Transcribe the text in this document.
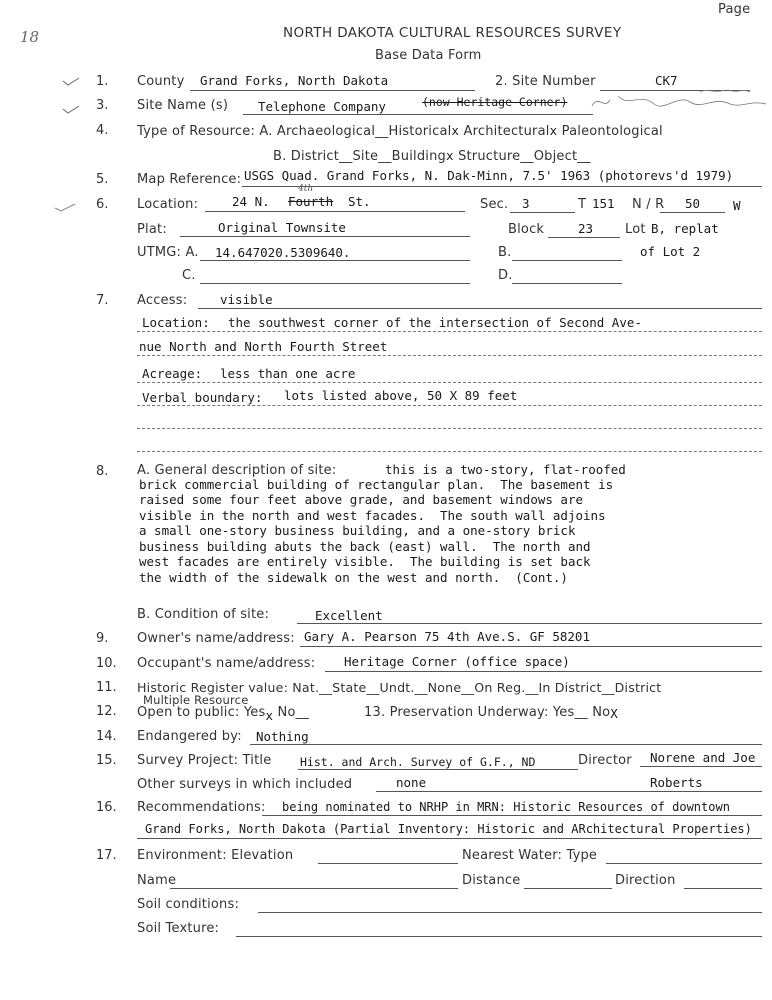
Page
18	NORTH DAKOTA CULTURAL RESOURCES SURVEY
Base Data Form
1. County Grand Forks, North Dakota	2. Site Number	CK7
3. Site Name (s) Telephone Company	(now Heritage Corner)
4. Type of Resource: A. Archaeological__Historicalx Architecturalx Paleontological
B. District__Site__Buildingx Structure__Object__
5. Map Reference: USGS Quad. Grand Forks, N. Dak-Minn, 7.5' 1963 (photorevs'd 1979)
6. Location:	24 N. Fourth
4th
St.	Sec. 3	T 151 N / R 50	W
Plat:	Original Townsite	Block	23 Lot B, replat
of Lot 2
UTMG: A. 14.647020.5309640.	B.
C.	D.
7. Access:	visible
Location: the southwest corner of the intersection of Second Ave-
nue North and North Fourth Street
Acreage: less than one acre
Verbal boundary: lots listed above, 50 X 89 feet
8. A. General description of site:	this is a two-story, flat-roofed
brick commercial building of rectangular plan.  The basement is
raised some four feet above grade, and basement windows are
visible in the north and west facades.  The south wall adjoins
a small one-story business building, and a one-story brick
business building abuts the back (east) wall.  The north and
west facades are entirely visible.  The building is set back
the width of the sidewalk on the west and north.  (Cont.)
B. Condition of site:	Excellent
9. Owner's name/address: Gary A. Pearson 75 4th Ave.S. GF 58201
10. Occupant's name/address: Heritage Corner (office space)
11. Historic Register value: Nat.__State__Undt.__None__On Reg.__In District__District
Multiple Resource
12. Open to public: Yesx No__	13. Preservation Underway: Yes__ NoX
14. Endangered by: Nothing
15. Survey Project: Title Hist. and Arch. Survey of G.F., ND	Director Norene and Joe
Other surveys in which included	none	Roberts
16. Recommendations: being nominated to NRHP in MRN: Historic Resources of downtown
Grand Forks, North Dakota (Partial Inventory: Historic and ARchitectural Properties)
17. Environment: Elevation	Nearest Water: Type
Name	Distance	Direction
Soil conditions:
Soil Texture:
